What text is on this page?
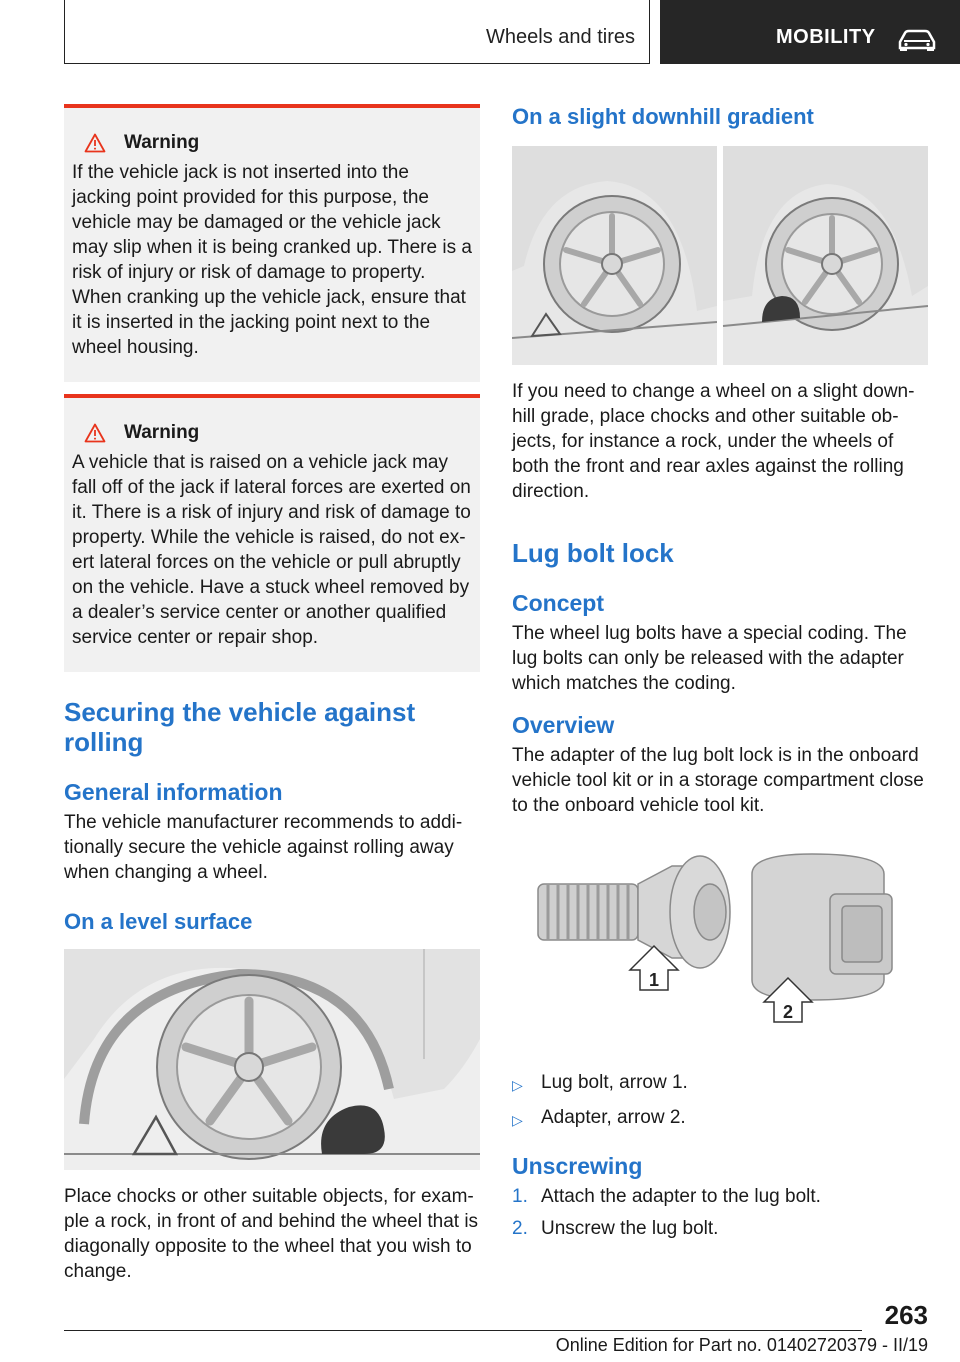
Wheels and tires	MOBILITY
Warning
If the vehicle jack is not inserted into the jacking point provided for this purpose, the vehicle may be damaged or the vehicle jack may slip when it is being cranked up. There is a risk of injury or risk of damage to property. When cranking up the vehicle jack, ensure that it is inserted in the jacking point next to the wheel housing.
Warning
A vehicle that is raised on a vehicle jack may fall off of the jack if lateral forces are exerted on it. There is a risk of injury and risk of damage to property. While the vehicle is raised, do not exert lateral forces on the vehicle or pull abruptly on the vehicle. Have a stuck wheel removed by a dealer’s service center or another qualified service center or repair shop.
Securing the vehicle against rolling
General information

The vehicle manufacturer recommends to additionally secure the vehicle against rolling away when changing a wheel.

On a level surface

Place chocks or other suitable objects, for example a rock, in front of and behind the wheel that is diagonally opposite to the wheel that you wish to change.

On a slight downhill gradient

If you need to change a wheel on a slight downhill grade, place chocks and other suitable objects, for instance a rock, under the wheels of both the front and rear axles against the rolling direction.

Lug bolt lock
Concept

The wheel lug bolts have a special coding. The lug bolts can only be released with the adapter which matches the coding.

Overview

The adapter of the lug bolt lock is in the onboard vehicle tool kit or in a storage compartment close to the onboard vehicle tool kit.

1
2
▷ Lug bolt, arrow 1.
▷ Adapter, arrow 2.
Unscrewing
1. Attach the adapter to the lug bolt.
2. Unscrew the lug bolt.
263
Online Edition for Part no. 01402720379 - II/19
